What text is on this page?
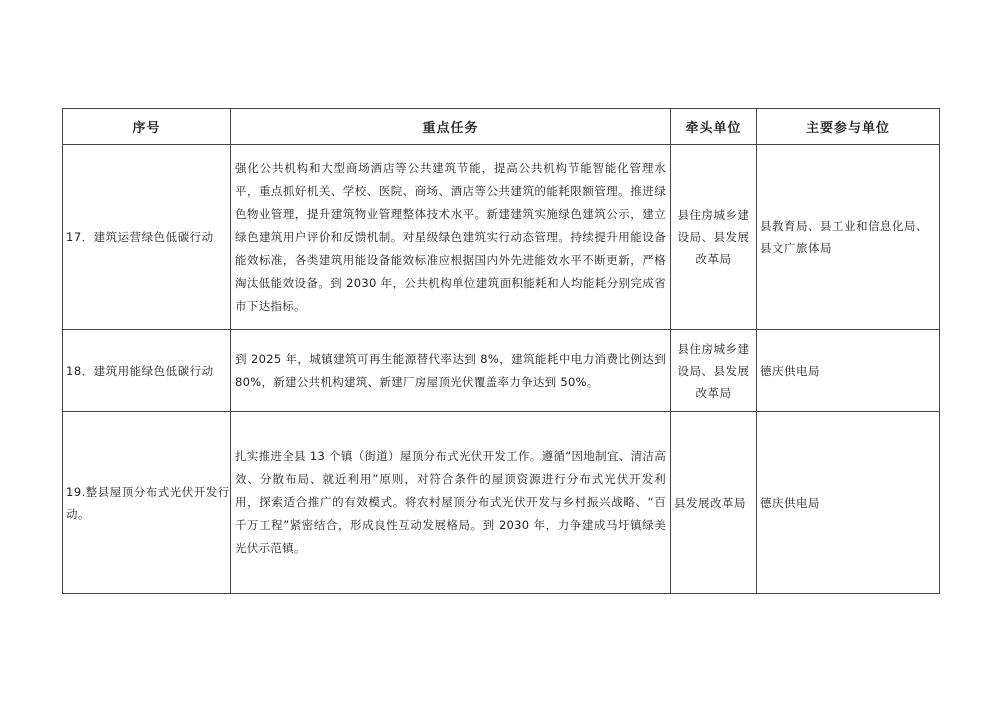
序号	重点任务	牵头单位	主要参与单位
17．建筑运营绿色低碳行动	强化公共机构和大型商场酒店等公共建筑节能，提高公共机构节能智能化管理水平，重点抓好机关、学校、医院、商场、酒店等公共建筑的能耗限额管理。推进绿色物业管理，提升建筑物业管理整体技术水平。新建建筑实施绿色建筑公示，建立绿色建筑用户评价和反馈机制。对星级绿色建筑实行动态管理。持续提升用能设备能效标准，各类建筑用能设备能效标准应根据国内外先进能效水平不断更新，严格淘汰低能效设备。到 2030 年，公共机构单位建筑面积能耗和人均能耗分别完成省市下达指标。	县住房城乡建设局、县发展改革局	县教育局、县工业和信息化局、县文广旅体局
18．建筑用能绿色低碳行动	到 2025 年，城镇建筑可再生能源替代率达到 8%，建筑能耗中电力消费比例达到 80%，新建公共机构建筑、新建厂房屋顶光伏覆盖率力争达到 50%。	县住房城乡建设局、县发展改革局	德庆供电局
19.整县屋顶分布式光伏开发行动。	扎实推进全县 13 个镇（街道）屋顶分布式光伏开发工作。遵循“因地制宜、清洁高效、分散布局、就近利用”原则，对符合条件的屋顶资源进行分布式光伏开发利用，探索适合推广的有效模式。将农村屋顶分布式光伏开发与乡村振兴战略、“百千万工程”紧密结合，形成良性互动发展格局。到 2030 年，力争建成马圩镇绿美光伏示范镇。	县发展改革局	德庆供电局
